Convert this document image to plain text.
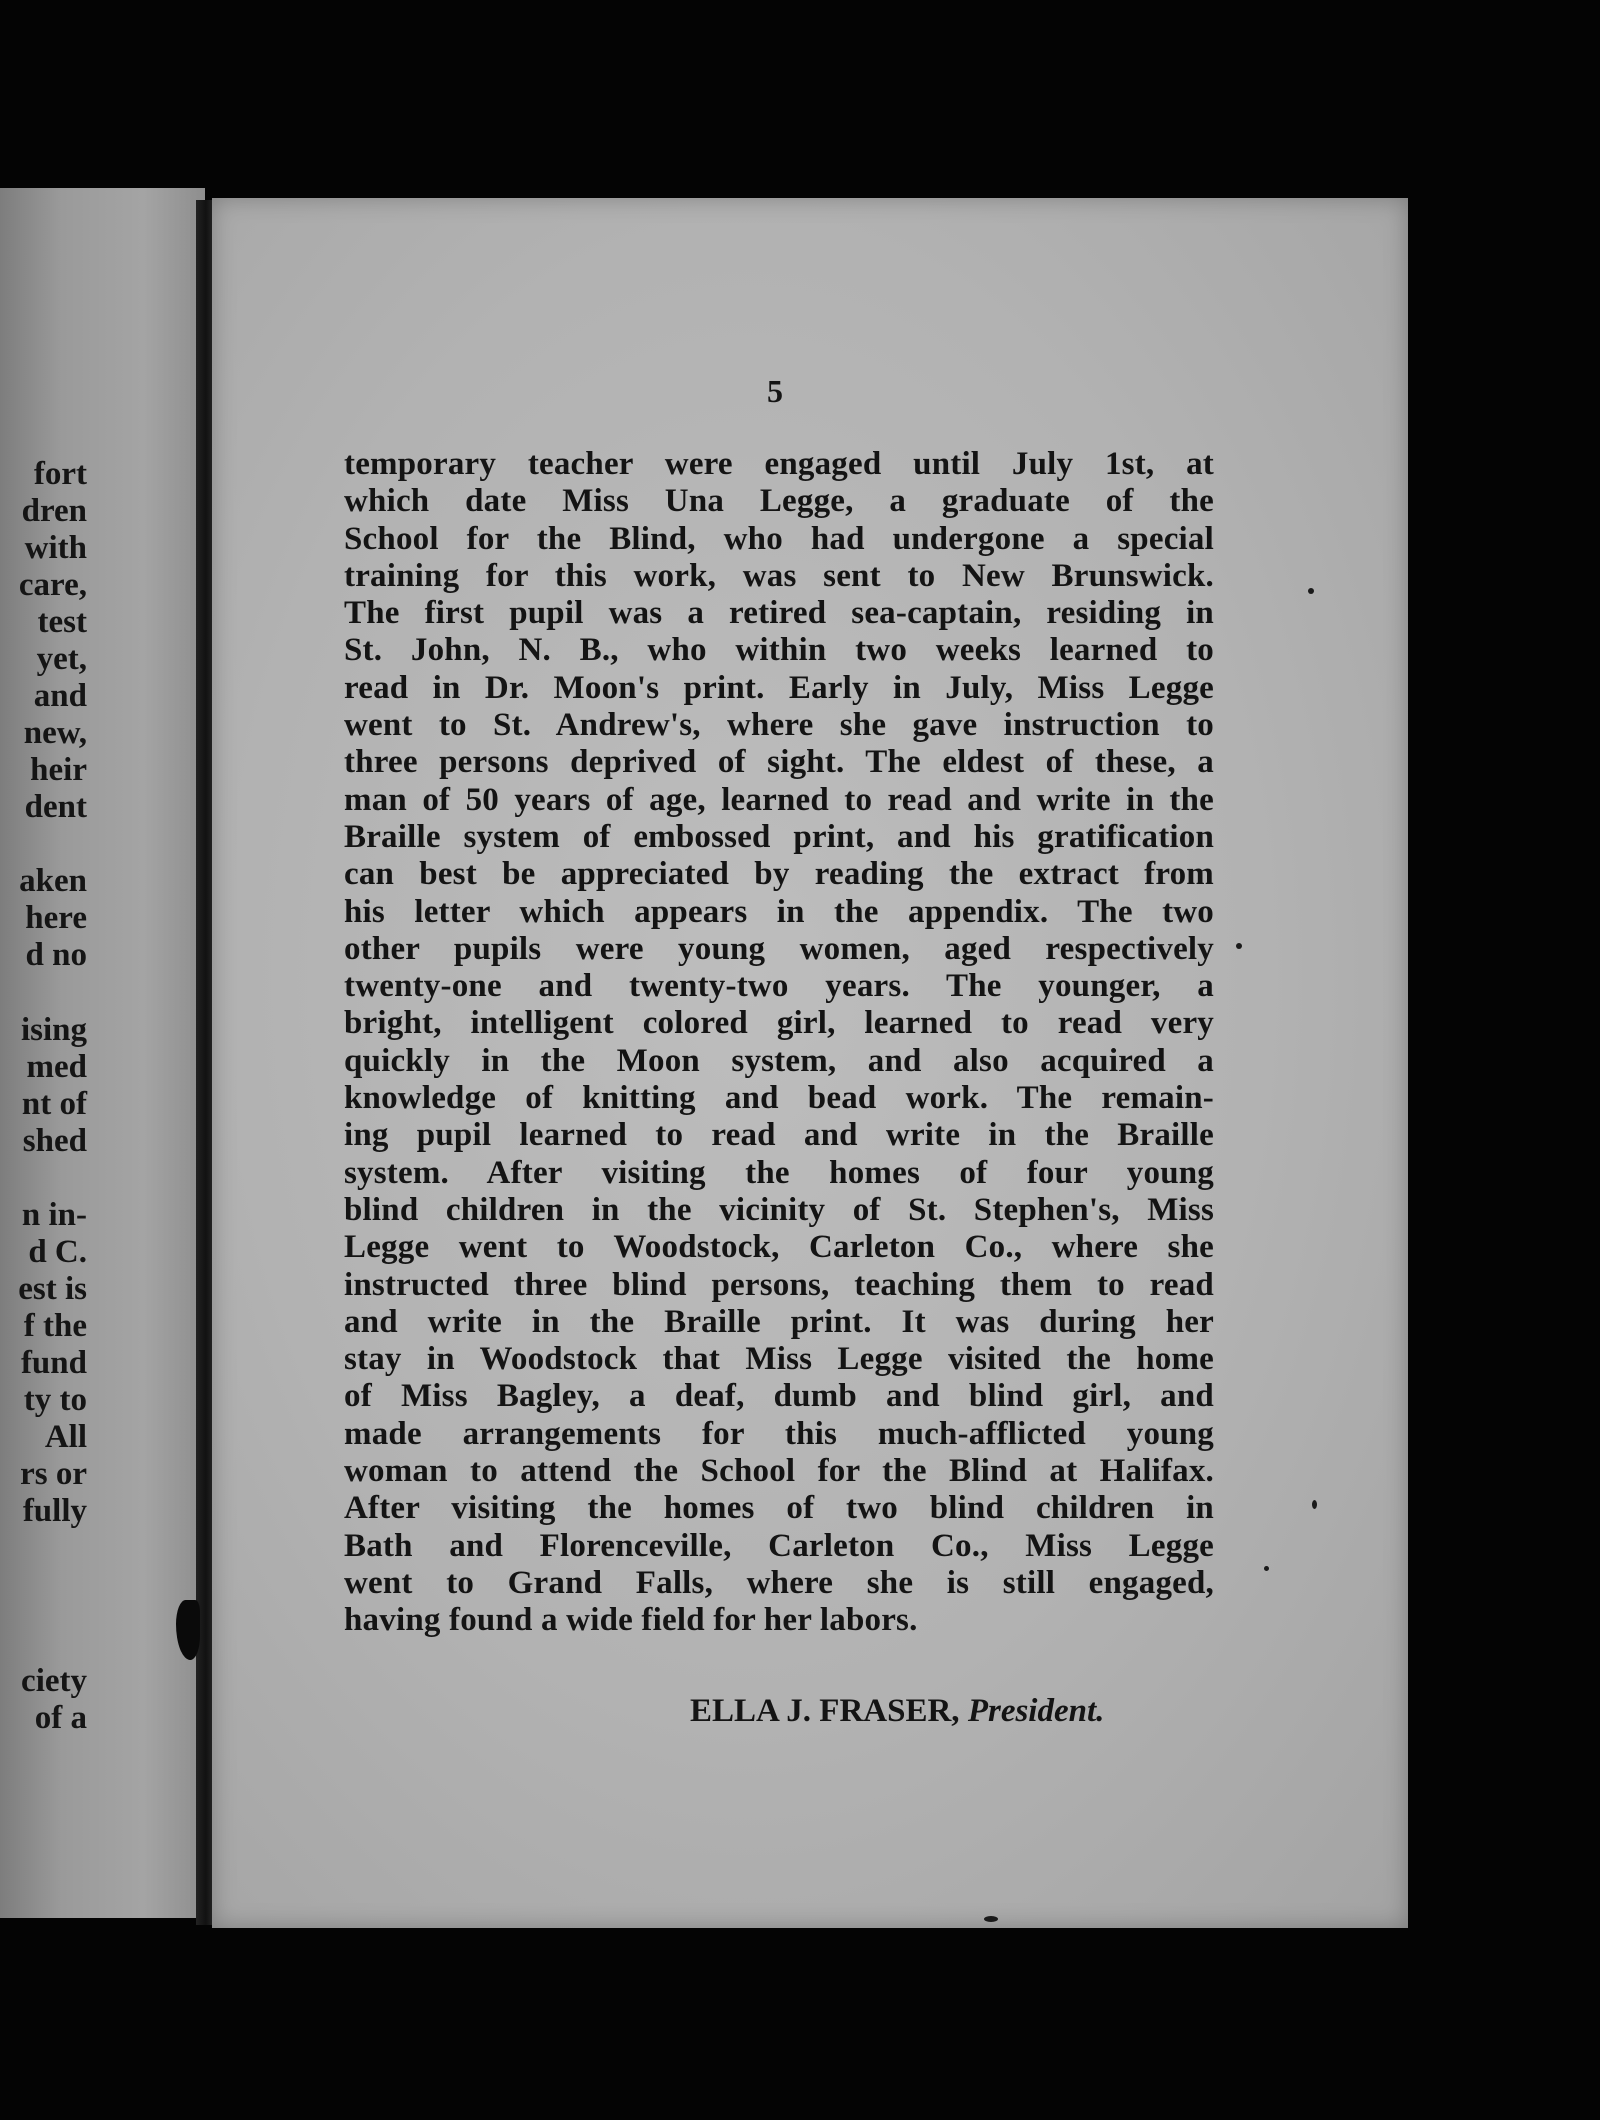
fort
dren
with
care,
test
yet,
and
new,
heir
dent
aken
here
d no
ising
med
nt of
shed
n in-
d C.
est is
f the
fund
ty to
All
rs or
fully
ciety
of a
5
temporary teacher were engaged until July 1st, at
which date Miss Una Legge, a graduate of the
School for the Blind, who had undergone a special
training for this work, was sent to New Brunswick.
The first pupil was a retired sea-captain, residing in
St. John, N. B., who within two weeks learned to
read in Dr. Moon's print. Early in July, Miss Legge
went to St. Andrew's, where she gave instruction to
three persons deprived of sight. The eldest of these, a
man of 50 years of age, learned to read and write in the
Braille system of embossed print, and his gratification
can best be appreciated by reading the extract from
his letter which appears in the appendix. The two
other pupils were young women, aged respectively
twenty-one and twenty-two years. The younger, a
bright, intelligent colored girl, learned to read very
quickly in the Moon system, and also acquired a
knowledge of knitting and bead work. The remain-
ing pupil learned to read and write in the Braille
system. After visiting the homes of four young
blind children in the vicinity of St. Stephen's, Miss
Legge went to Woodstock, Carleton Co., where she
instructed three blind persons, teaching them to read
and write in the Braille print. It was during her
stay in Woodstock that Miss Legge visited the home
of Miss Bagley, a deaf, dumb and blind girl, and
made arrangements for this much-afflicted young
woman to attend the School for the Blind at Halifax.
After visiting the homes of two blind children in
Bath and Florenceville, Carleton Co., Miss Legge
went to Grand Falls, where she is still engaged,
having found a wide field for her labors.
ELLA J. FRASER, President.
